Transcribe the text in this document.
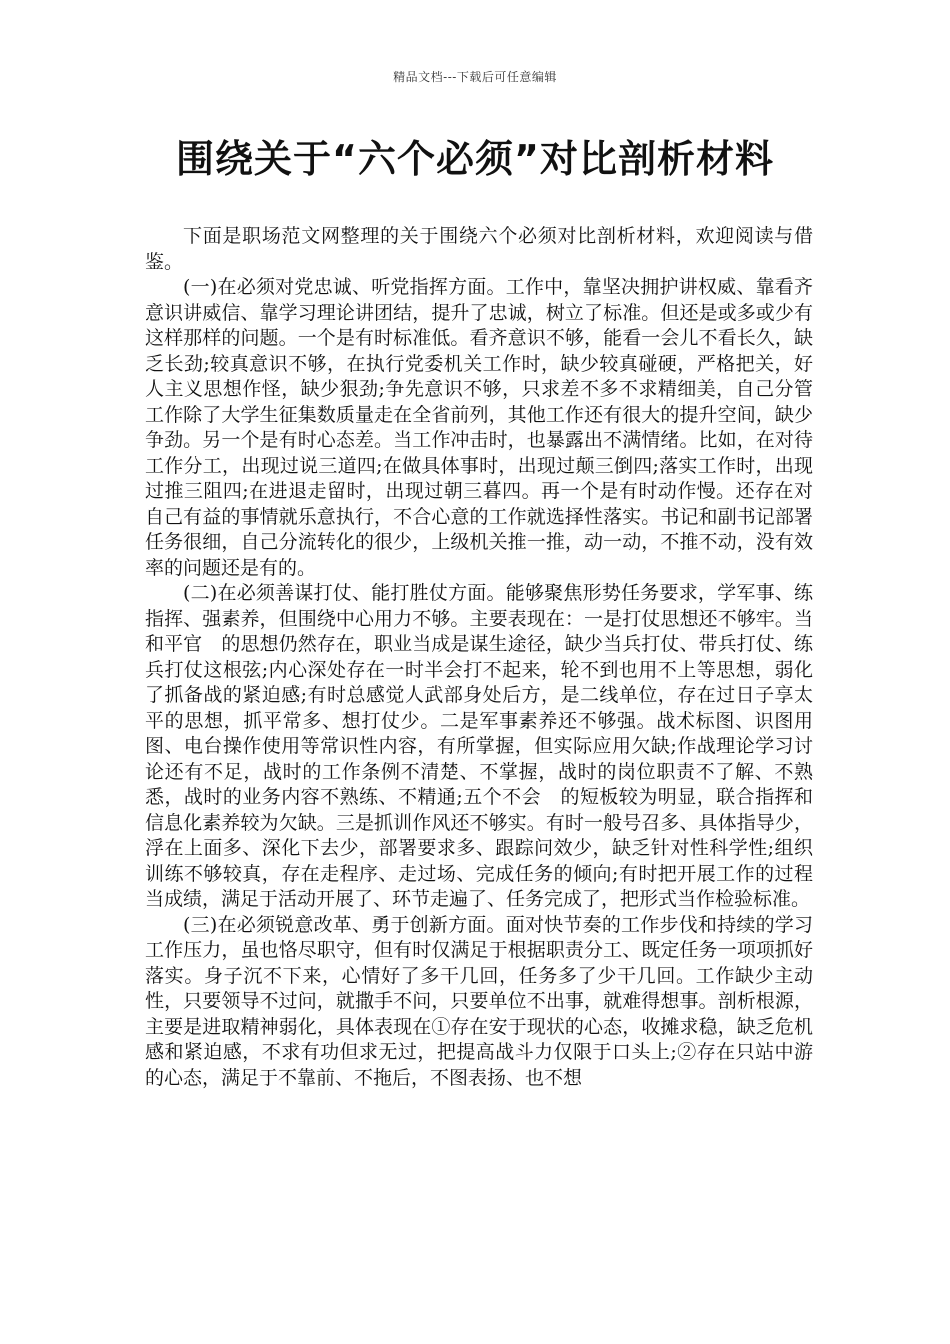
精品文档---下载后可任意编辑
围绕关于“六个必须”对比剖析材料

下面是职场范文网整理的关于围绕六个必须对比剖析材料，欢迎阅读与借鉴。

(一)在必须对党忠诚、听党指挥方面。工作中，靠坚决拥护讲权威、靠看齐意识讲威信、靠学习理论讲团结，提升了忠诚，树立了标准。但还是或多或少有这样那样的问题。一个是有时标准低。看齐意识不够，能看一会儿不看长久，缺乏长劲;较真意识不够，在执行党委机关工作时，缺少较真碰硬，严格把关，好人主义思想作怪，缺少狠劲;争先意识不够，只求差不多不求精细美，自己分管工作除了大学生征集数质量走在全省前列，其他工作还有很大的提升空间，缺少争劲。另一个是有时心态差。当工作冲击时，也暴露出不满情绪。比如，在对待工作分工，出现过说三道四;在做具体事时，出现过颠三倒四;落实工作时，出现过推三阻四;在进退走留时，出现过朝三暮四。再一个是有时动作慢。还存在对自己有益的事情就乐意执行，不合心意的工作就选择性落实。书记和副书记部署任务很细，自己分流转化的很少，上级机关推一推，动一动，不推不动，没有效率的问题还是有的。

(二)在必须善谋打仗、能打胜仗方面。能够聚焦形势任务要求，学军事、练指挥、强素养，但围绕中心用力不够。主要表现在：一是打仗思想还不够牢。当　和平官　的思想仍然存在，职业当成是谋生途径，缺少当兵打仗、带兵打仗、练兵打仗这根弦;内心深处存在一时半会打不起来，轮不到也用不上等思想，弱化了抓备战的紧迫感;有时总感觉人武部身处后方，是二线单位，存在过日子享太平的思想，抓平常多、想打仗少。二是军事素养还不够强。战术标图、识图用图、电台操作使用等常识性内容，有所掌握，但实际应用欠缺;作战理论学习讨论还有不足，战时的工作条例不清楚、不掌握，战时的岗位职责不了解、不熟悉，战时的业务内容不熟练、不精通;五个不会　的短板较为明显，联合指挥和信息化素养较为欠缺。三是抓训作风还不够实。有时一般号召多、具体指导少，浮在上面多、深化下去少，部署要求多、跟踪问效少，缺乏针对性科学性;组织训练不够较真，存在走程序、走过场、完成任务的倾向;有时把开展工作的过程当成绩，满足于活动开展了、环节走遍了、任务完成了，把形式当作检验标准。

(三)在必须锐意改革、勇于创新方面。面对快节奏的工作步伐和持续的学习工作压力，虽也恪尽职守，但有时仅满足于根据职责分工、既定任务一项项抓好落实。身子沉不下来，心情好了多干几回，任务多了少干几回。工作缺少主动性，只要领导不过问，就撒手不问，只要单位不出事，就难得想事。剖析根源，主要是进取精神弱化，具体表现在①存在安于现状的心态，收摊求稳，缺乏危机感和紧迫感，不求有功但求无过，把提高战斗力仅限于口头上;②存在只站中游的心态，满足于不靠前、不拖后，不图表扬、也不想
